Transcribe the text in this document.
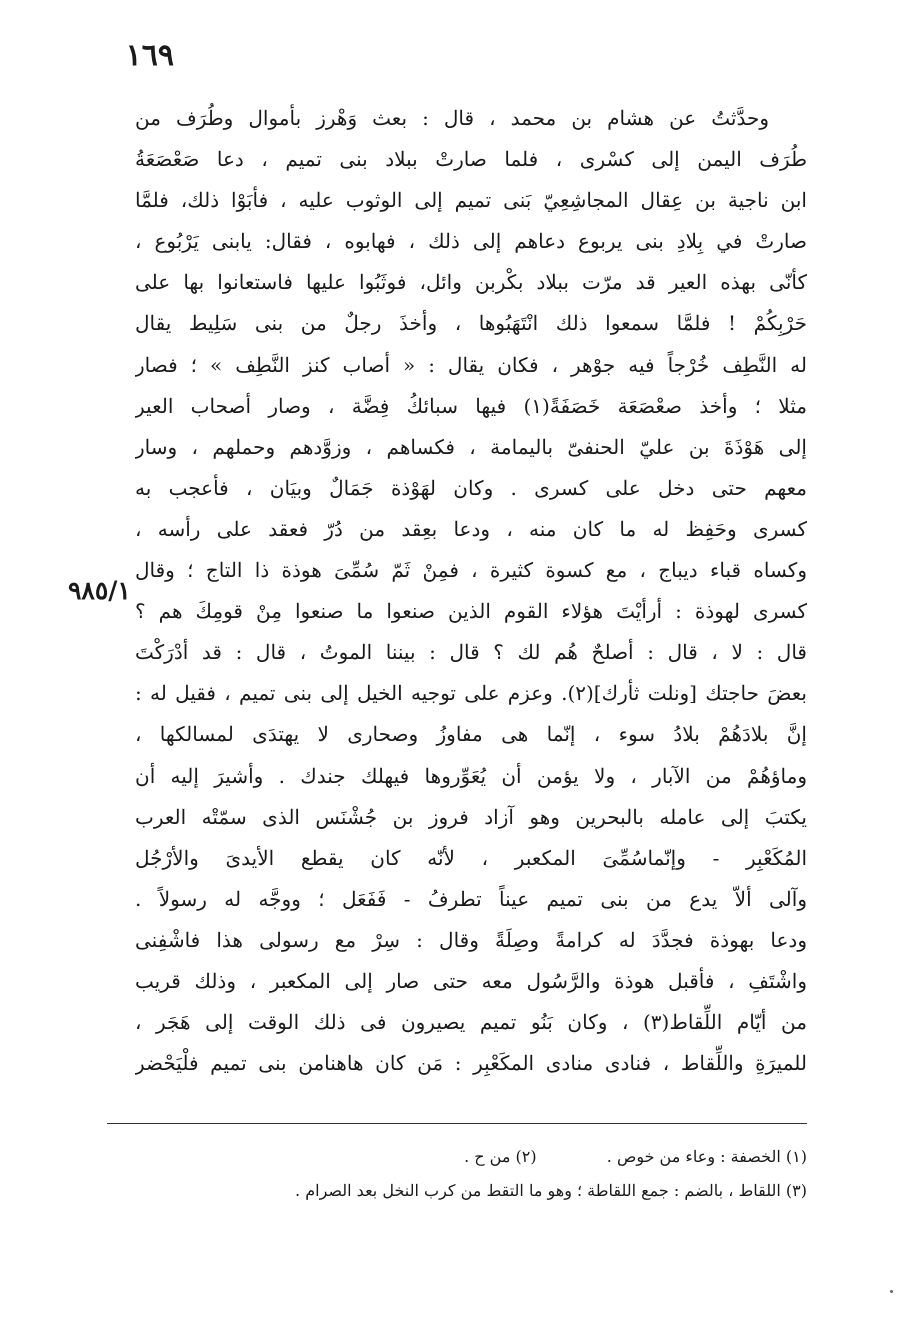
١٦٩
٩٨٥/١
وحدَّثتُ عن هشام بن محمد ، قال : بعث وَهْرز بأموال وطُرَف من
طُرَف اليمن إلى كسْرى ، فلما صارتْ ببلاد بنى تميم ، دعا صَعْصَعَةُ
ابن ناجية بن عِقال المجاشِعِيّ بَنى تميم إلى الوثوب عليه ، فأبَوْا ذلك، فلمَّا
صارتْ في بِلادِ بنى يربوع دعاهم إلى ذلك ، فهابوه ، فقال: يابنى يَرْبُوع ،
كأنّى بهذه العير قد مرّت ببلاد بكْربن وائل، فوثَبُوا عليها فاستعانوا بها على
حَرْبِكُمْ ! فلمَّا سمعوا ذلك انْتَهَبُوها ، وأخذَ رجلٌ من بنى سَلِيط يقال
له النَّطِف خُرْجاً فيه جوْهر ، فكان يقال : « أصاب كنز النَّطِف » ؛ فصار
مثلا ؛ وأخذ صعْصَعَة خَصَفَةً(١) فيها سبائكُ فِضَّة ، وصار أصحاب العير
إلى هَوْذَةَ بن عليّ الحنفىّ باليمامة ، فكساهم ، وزوَّدهم وحملهم ، وسار
معهم حتى دخل على كسرى . وكان لهَوْذة جَمَالٌ وبيَان ، فأعجب به
كسرى وحَفِظ له ما كان منه ، ودعا بعِقد من دُرّ فعقد على رأسه ،
وكساه قباء ديباج ، مع كسوة كثيرة ، فمِنْ ثَمّ سُمِّىَ هوذة ذا التاج ؛ وقال
كسرى لهوذة : أرأيْتَ هؤلاء القوم الذين صنعوا ما صنعوا مِنْ قومِكَ هم ؟
قال : لا ، قال : أصلحٌ هُم لك ؟ قال : بيننا الموتُ ، قال : قد أدْرَكْتَ
بعضَ حاجتك [ونلت ثأرك](٢). وعزم على توجيه الخيل إلى بنى تميم ، فقيل له :
إنَّ بلادَهُمْ بلادُ سوء ، إنّما هى مفاوزُ وصحارى لا يهتدَى لمسالكها ،
وماؤهُمْ من الآبار ، ولا يؤمن أن يُعَوِّروها فيهلك جندك . وأشيرَ إليه أن
يكتبَ إلى عامله بالبحرين وهو آزاد فروز بن جُشْنَس الذى سمّتْه العرب
المُكَعْبِر - وإنّماسُمِّىَ المكعبر ، لأنّه كان يقطع الأيدىَ والأرْجُل
وآلى ألاّ يدع من بنى تميم عيناً تطرفُ - فَفَعَل ؛ ووجَّه له رسولاً .
ودعا بهوذة فجدَّدَ له كرامةً وصِلَةً وقال : سِرْ مع رسولى هذا فاشْفِنى
واشْتَفِ ، فأقبل هوذة والرَّسُول معه حتى صار إلى المكعبر ، وذلك قريب
من أيّام اللِّقاط(٣) ، وكان بَنُو تميم يصيرون فى ذلك الوقت إلى هَجَر ،
للميرَةِ واللِّقاط ، فنادى منادى المكَعْبِر : مَن كان هاهنامن بنى تميم فلْيَحْضر
(١) الخصفة : وعاء من خوص .  (٢) من ح .
(٣) اللقاط ، بالضم : جمع اللقاطة ؛ وهو ما التقط من كرب النخل بعد الصرام .
